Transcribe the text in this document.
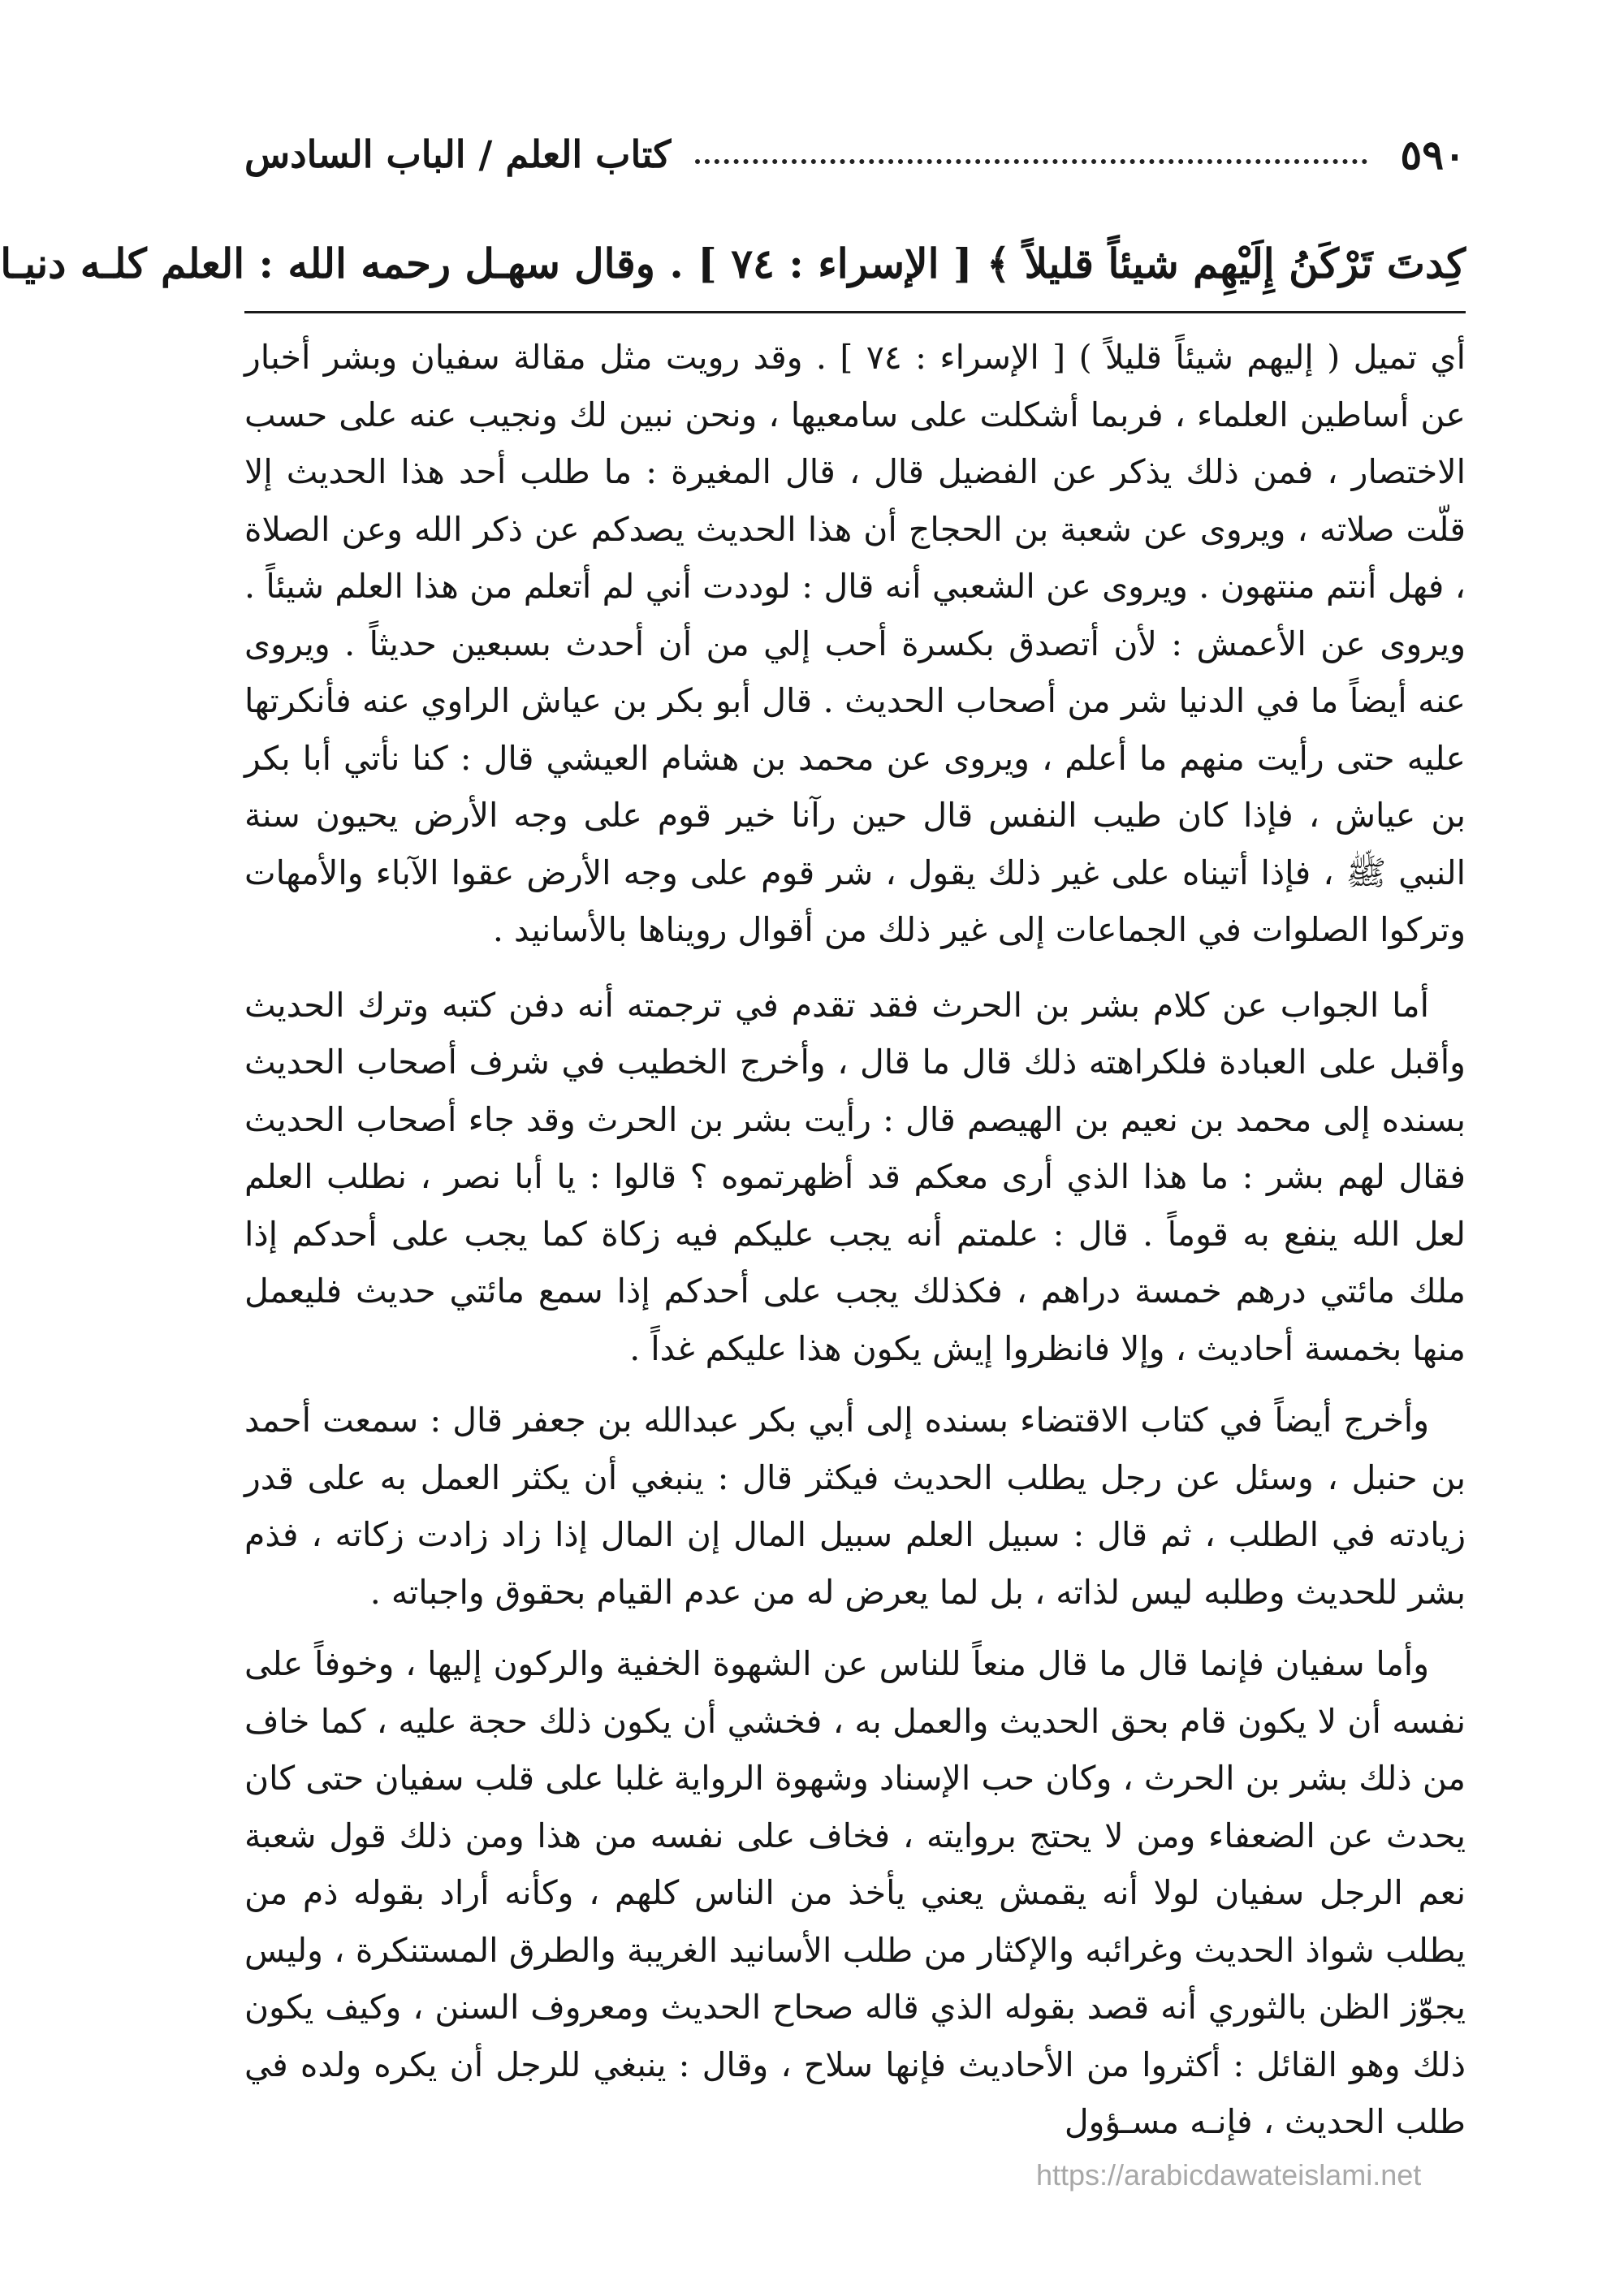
٥٩٠
كتاب العلم / الباب السادس
كِدتَ تَرْكَنُ إِلَيْهِم شيئاً قليلاً ﴾ [ الإسراء : ٧٤ ] . وقال سهـل رحمه الله : العلم كلـه دنيـا

أي تميل ( إليهم شيئاً قليلاً ) [ الإسراء : ٧٤ ] . وقد رويت مثل مقالة سفيان وبشر أخبار عن أساطين العلماء ، فربما أشكلت على سامعيها ، ونحن نبين لك ونجيب عنه على حسب الاختصار ، فمن ذلك يذكر عن الفضيل قال ، قال المغيرة : ما طلب أحد هذا الحديث إلا قلّت صلاته ، ويروى عن شعبة بن الحجاج أن هذا الحديث يصدكم عن ذكر الله وعن الصلاة ، فهل أنتم منتهون . ويروى عن الشعبي أنه قال : لوددت أني لم أتعلم من هذا العلم شيئاً . ويروى عن الأعمش : لأن أتصدق بكسرة أحب إلي من أن أحدث بسبعين حديثاً . ويروى عنه أيضاً ما في الدنيا شر من أصحاب الحديث . قال أبو بكر بن عياش الراوي عنه فأنكرتها عليه حتى رأيت منهم ما أعلم ، ويروى عن محمد بن هشام العيشي قال : كنا نأتي أبا بكر بن عياش ، فإذا كان طيب النفس قال حين رآنا خير قوم على وجه الأرض يحيون سنة النبي ﷺ ، فإذا أتيناه على غير ذلك يقول ، شر قوم على وجه الأرض عقوا الآباء والأمهات وتركوا الصلوات في الجماعات إلى غير ذلك من أقوال رويناها بالأسانيد .

أما الجواب عن كلام بشر بن الحرث فقد تقدم في ترجمته أنه دفن كتبه وترك الحديث وأقبل على العبادة فلكراهته ذلك قال ما قال ، وأخرج الخطيب في شرف أصحاب الحديث بسنده إلى محمد بن نعيم بن الهيصم قال : رأيت بشر بن الحرث وقد جاء أصحاب الحديث فقال لهم بشر : ما هذا الذي أرى معكم قد أظهرتموه ؟ قالوا : يا أبا نصر ، نطلب العلم لعل الله ينفع به قوماً . قال : علمتم أنه يجب عليكم فيه زكاة كما يجب على أحدكم إذا ملك مائتي درهم خمسة دراهم ، فكذلك يجب على أحدكم إذا سمع مائتي حديث فليعمل منها بخمسة أحاديث ، وإلا فانظروا إيش يكون هذا عليكم غداً .

وأخرج أيضاً في كتاب الاقتضاء بسنده إلى أبي بكر عبدالله بن جعفر قال : سمعت أحمد بن حنبل ، وسئل عن رجل يطلب الحديث فيكثر قال : ينبغي أن يكثر العمل به على قدر زيادته في الطلب ، ثم قال : سبيل العلم سبيل المال إن المال إذا زاد زادت زكاته ، فذم بشر للحديث وطلبه ليس لذاته ، بل لما يعرض له من عدم القيام بحقوق واجباته .

وأما سفيان فإنما قال ما قال منعاً للناس عن الشهوة الخفية والركون إليها ، وخوفاً على نفسه أن لا يكون قام بحق الحديث والعمل به ، فخشي أن يكون ذلك حجة عليه ، كما خاف من ذلك بشر بن الحرث ، وكان حب الإسناد وشهوة الرواية غلبا على قلب سفيان حتى كان يحدث عن الضعفاء ومن لا يحتج بروايته ، فخاف على نفسه من هذا ومن ذلك قول شعبة نعم الرجل سفيان لولا أنه يقمش يعني يأخذ من الناس كلهم ، وكأنه أراد بقوله ذم من يطلب شواذ الحديث وغرائبه والإكثار من طلب الأسانيد الغريبة والطرق المستنكرة ، وليس يجوّز الظن بالثوري أنه قصد بقوله الذي قاله صحاح الحديث ومعروف السنن ، وكيف يكون ذلك وهو القائل : أكثروا من الأحاديث فإنها سلاح ، وقال : ينبغي للرجل أن يكره ولده في طلب الحديث ، فإنـه مسـؤول

https://arabicdawateislami.net
